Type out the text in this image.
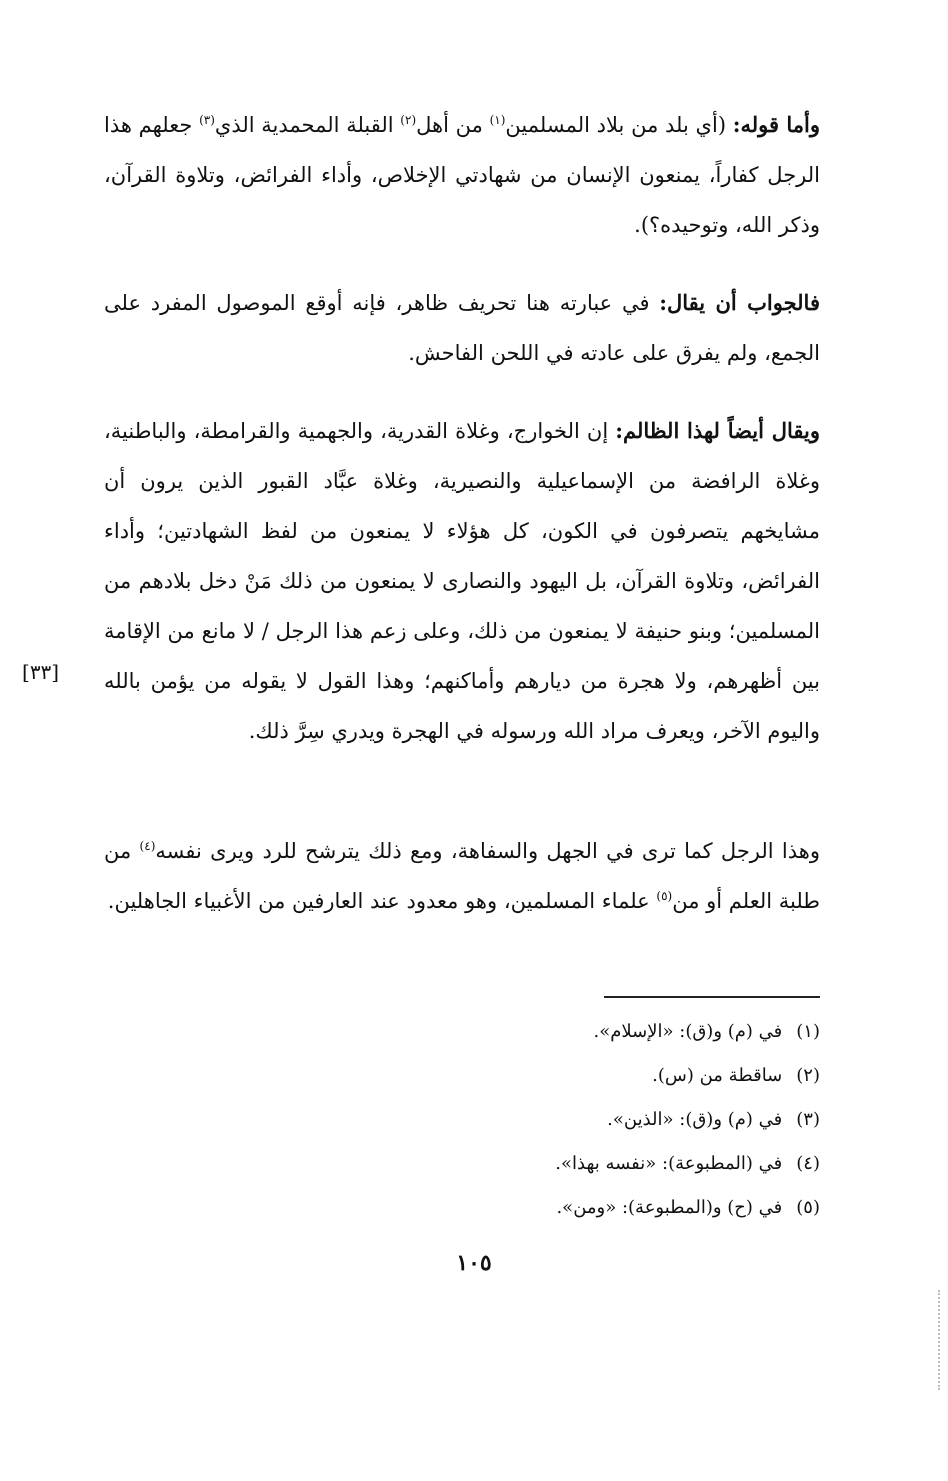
وأما قوله: (أي بلد من بلاد المسلمين$^{(١)}$ من أهل$^{(٢)}$ القبلة المحمدية الذي$^{(٣)}$ جعلهم هذا الرجل كفاراً، يمنعون الإنسان من شهادتي الإخلاص، وأداء الفرائض، وتلاوة القرآن، وذكر الله، وتوحيده؟).

فالجواب أن يقال: في عبارته هنا تحريف ظاهر، فإنه أوقع الموصول المفرد على الجمع، ولم يفرق على عادته في اللحن الفاحش.

ويقال أيضاً لهذا الظالم: إن الخوارج، وغلاة القدرية، والجهمية والقرامطة، والباطنية، وغلاة الرافضة من الإسماعيلية والنصيرية، وغلاة عبَّاد القبور الذين يرون أن مشايخهم يتصرفون في الكون، كل هؤلاء لا يمنعون من لفظ الشهادتين؛ وأداء الفرائض، وتلاوة القرآن، بل اليهود والنصارى لا يمنعون من ذلك مَنْ دخل بلادهم من المسلمين؛ وبنو حنيفة لا يمنعون من ذلك، وعلى زعم هذا الرجل / لا مانع من الإقامة بين أظهرهم، ولا هجرة من ديارهم وأماكنهم؛ وهذا القول لا يقوله من يؤمن بالله واليوم الآخر، ويعرف مراد الله ورسوله في الهجرة ويدري سِرَّ ذلك.

[٣٣]

وهذا الرجل كما ترى في الجهل والسفاهة، ومع ذلك يترشح للرد ويرى نفسه$^{(٤)}$ من طلبة العلم أو من$^{(٥)}$ علماء المسلمين، وهو معدود عند العارفين من الأغبياء الجاهلين.

(١)في (م) و(ق): «الإسلام».
(٢)ساقطة من (س).
(٣)في (م) و(ق): «الذين».
(٤)في (المطبوعة): «نفسه بهذا».
(٥)في (ح) و(المطبوعة): «ومن».
١٠٥
